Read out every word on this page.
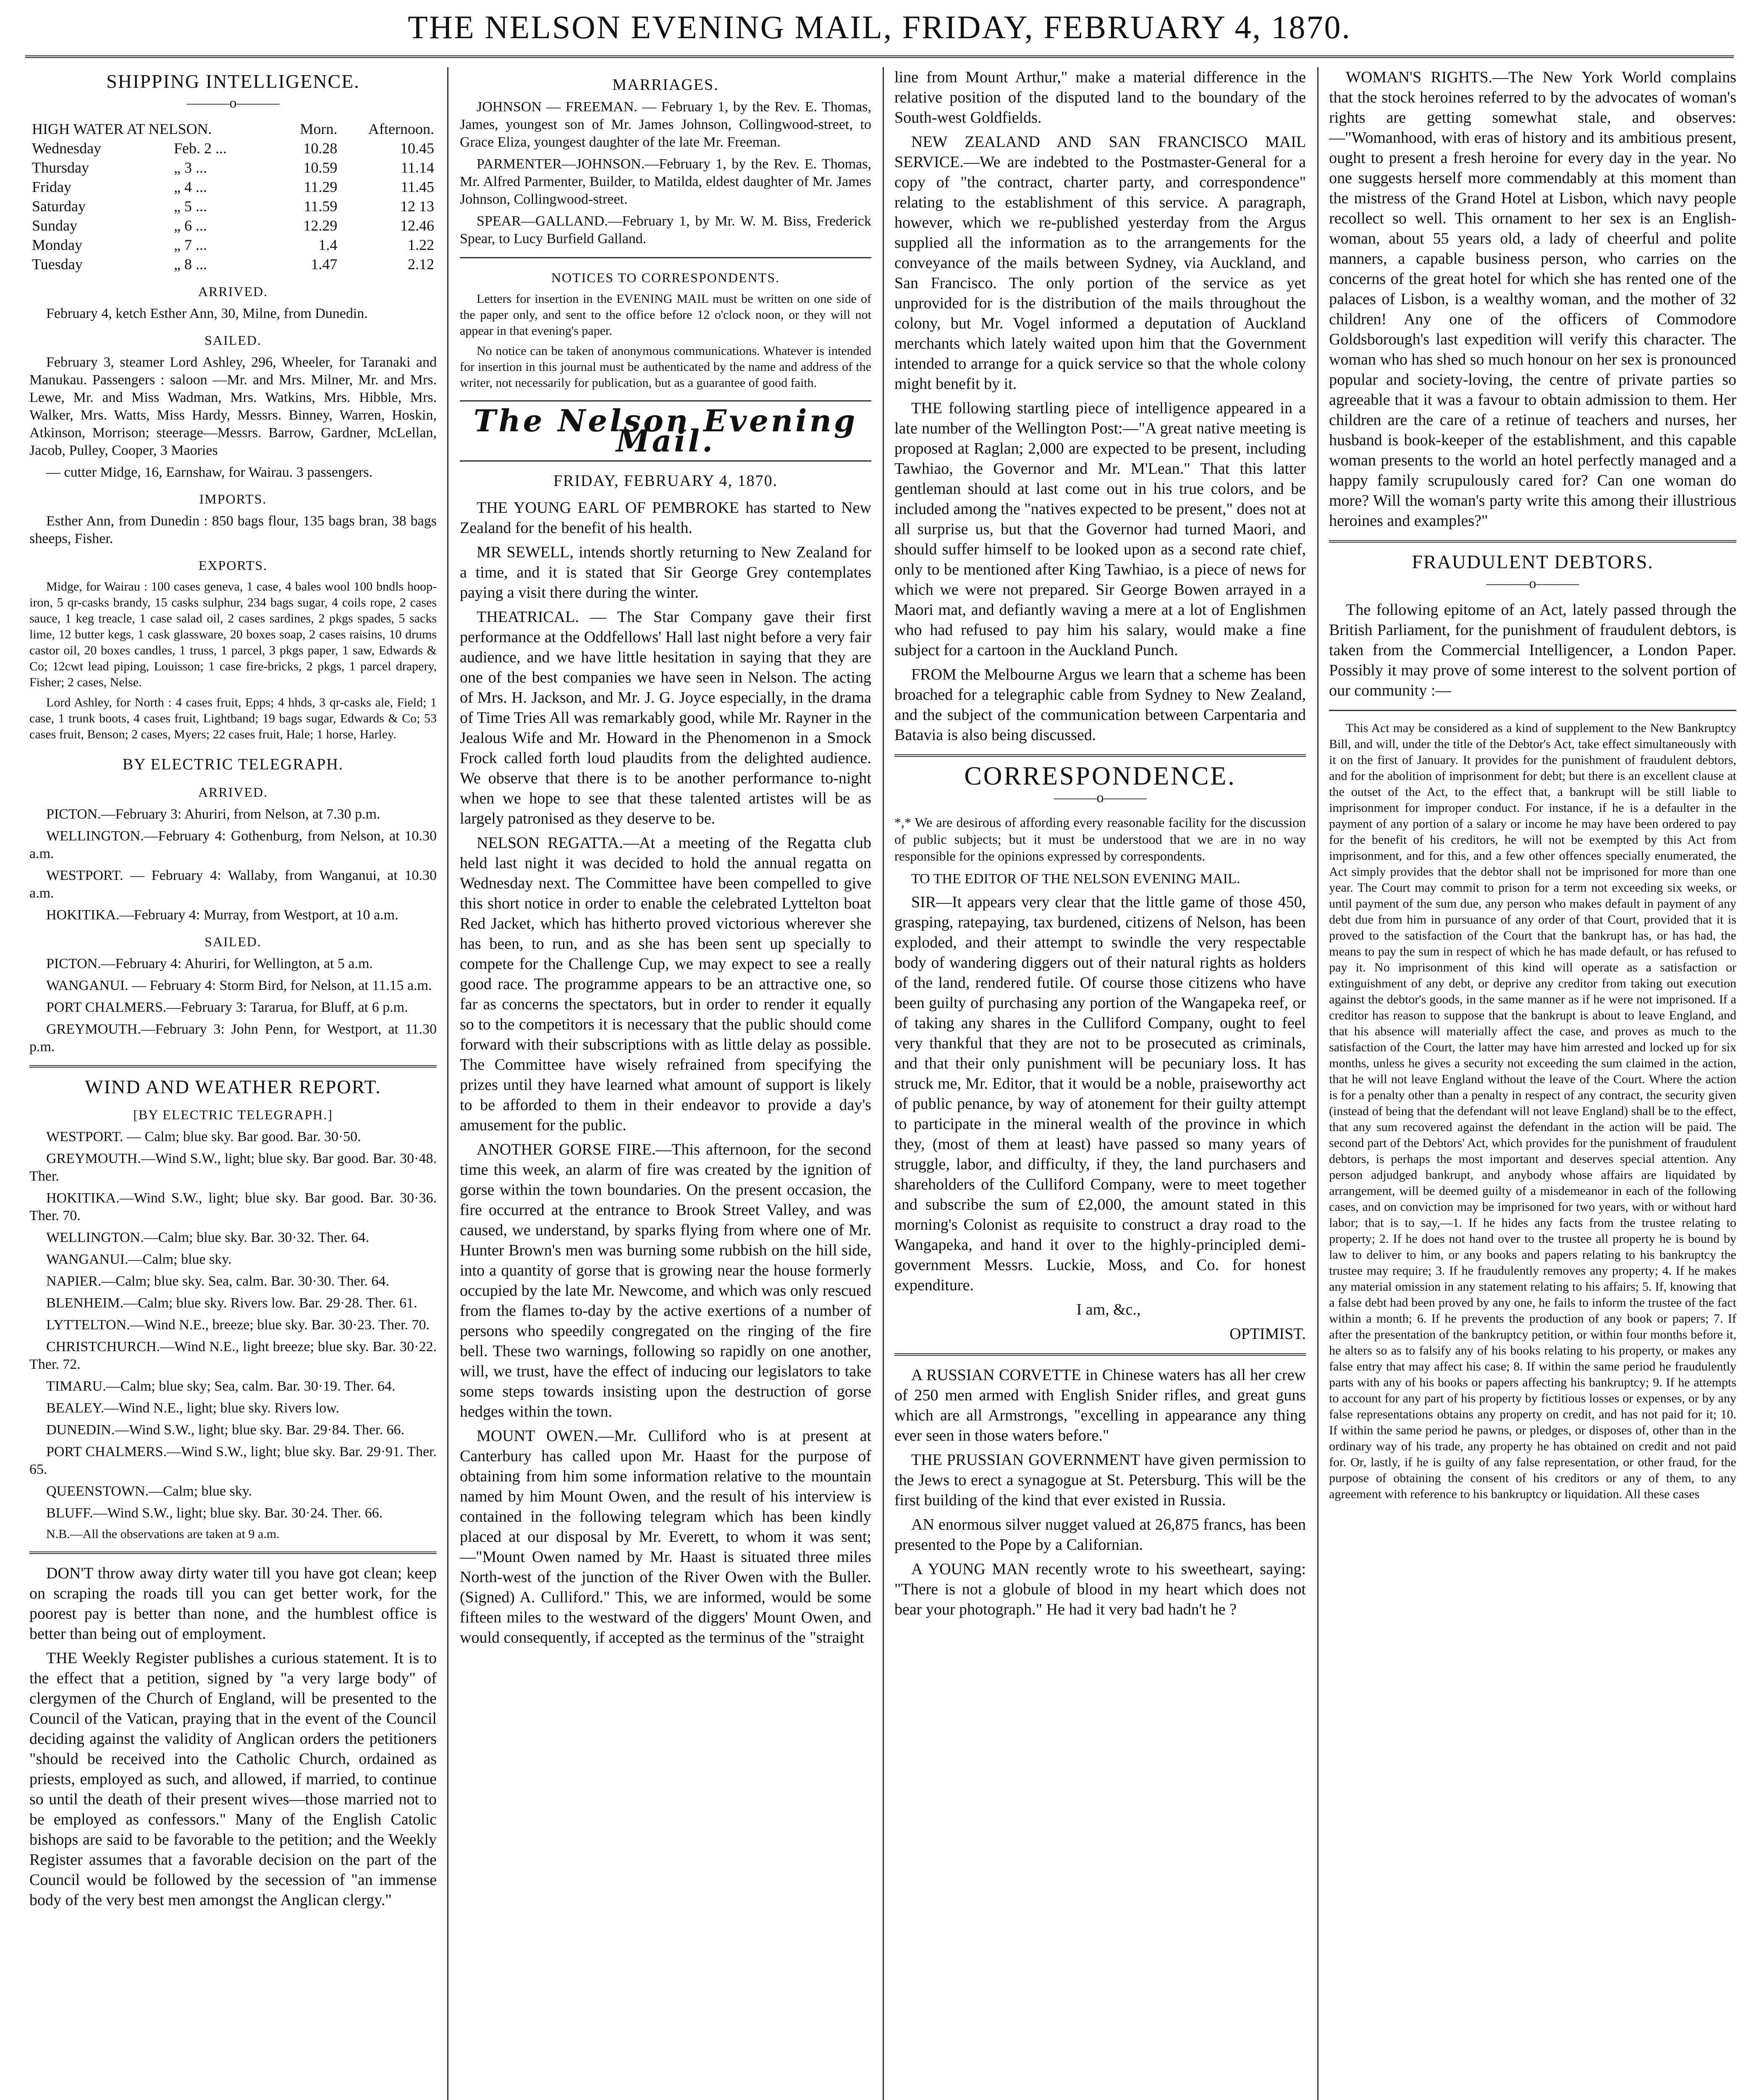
THE NELSON EVENING MAIL, FRIDAY, FEBRUARY 4, 1870.
SHIPPING INTELLIGENCE.
———o———
HIGH WATER AT NELSON.		Morn.	Afternoon.
Wednesday	Feb. 2 ...	10.28	10.45
Thursday	„ 3 ...	10.59	11.14
Friday	„ 4 ...	11.29	11.45
Saturday	„ 5 ...	11.59	12 13
Sunday	„ 6 ...	12.29	12.46
Monday	„ 7 ...	1.4	1.22
Tuesday	„ 8 ...	1.47	2.12
ARRIVED.

February 4, ketch Esther Ann, 30, Milne, from Dunedin.

SAILED.

February 3, steamer Lord Ashley, 296, Wheeler, for Taranaki and Manukau. Passengers : saloon —Mr. and Mrs. Milner, Mr. and Mrs. Lewe, Mr. and Miss Wadman, Mrs. Watkins, Mrs. Hibble, Mrs. Walker, Mrs. Watts, Miss Hardy, Messrs. Binney, Warren, Hoskin, Atkinson, Morrison; steerage—Messrs. Barrow, Gardner, McLellan, Jacob, Pulley, Cooper, 3 Maories

— cutter Midge, 16, Earnshaw, for Wairau. 3 passengers.

IMPORTS.

Esther Ann, from Dunedin : 850 bags flour, 135 bags bran, 38 bags sheeps, Fisher.

EXPORTS.

Midge, for Wairau : 100 cases geneva, 1 case, 4 bales wool 100 bndls hoop-iron, 5 qr-casks brandy, 15 casks sulphur, 234 bags sugar, 4 coils rope, 2 cases sauce, 1 keg treacle, 1 case salad oil, 2 cases sardines, 2 pkgs spades, 5 sacks lime, 12 butter kegs, 1 cask glassware, 20 boxes soap, 2 cases raisins, 10 drums castor oil, 20 boxes candles, 1 truss, 1 parcel, 3 pkgs paper, 1 saw, Edwards & Co; 12cwt lead piping, Louisson; 1 case fire-bricks, 2 pkgs, 1 parcel drapery, Fisher; 2 cases, Nelse.

Lord Ashley, for North : 4 cases fruit, Epps; 4 hhds, 3 qr-casks ale, Field; 1 case, 1 trunk boots, 4 cases fruit, Lightband; 19 bags sugar, Edwards & Co; 53 cases fruit, Benson; 2 cases, Myers; 22 cases fruit, Hale; 1 horse, Harley.

BY ELECTRIC TELEGRAPH.
ARRIVED.

PICTON.—February 3: Ahuriri, from Nelson, at 7.30 p.m.

WELLINGTON.—February 4: Gothenburg, from Nelson, at 10.30 a.m.

WESTPORT. — February 4: Wallaby, from Wanganui, at 10.30 a.m.

HOKITIKA.—February 4: Murray, from Westport, at 10 a.m.

SAILED.

PICTON.—February 4: Ahuriri, for Wellington, at 5 a.m.

WANGANUI. — February 4: Storm Bird, for Nelson, at 11.15 a.m.

PORT CHALMERS.—February 3: Tararua, for Bluff, at 6 p.m.

GREYMOUTH.—February 3: John Penn, for Westport, at 11.30 p.m.

WIND AND WEATHER REPORT.
[BY ELECTRIC TELEGRAPH.]

WESTPORT. — Calm; blue sky. Bar good. Bar. 30·50.

GREYMOUTH.—Wind S.W., light; blue sky. Bar good. Bar. 30·48. Ther.

HOKITIKA.—Wind S.W., light; blue sky. Bar good. Bar. 30·36. Ther. 70.

WELLINGTON.—Calm; blue sky. Bar. 30·32. Ther. 64.

WANGANUI.—Calm; blue sky.

NAPIER.—Calm; blue sky. Sea, calm. Bar. 30·30. Ther. 64.

BLENHEIM.—Calm; blue sky. Rivers low. Bar. 29·28. Ther. 61.

LYTTELTON.—Wind N.E., breeze; blue sky. Bar. 30·23. Ther. 70.

CHRISTCHURCH.—Wind N.E., light breeze; blue sky. Bar. 30·22. Ther. 72.

TIMARU.—Calm; blue sky; Sea, calm. Bar. 30·19. Ther. 64.

BEALEY.—Wind N.E., light; blue sky. Rivers low.

DUNEDIN.—Wind S.W., light; blue sky. Bar. 29·84. Ther. 66.

PORT CHALMERS.—Wind S.W., light; blue sky. Bar. 29·91. Ther. 65.

QUEENSTOWN.—Calm; blue sky.

BLUFF.—Wind S.W., light; blue sky. Bar. 30·24. Ther. 66.

N.B.—All the observations are taken at 9 a.m.

DON'T throw away dirty water till you have got clean; keep on scraping the roads till you can get better work, for the poorest pay is better than none, and the humblest office is better than being out of employment.

THE Weekly Register publishes a curious statement. It is to the effect that a petition, signed by "a very large body" of clergymen of the Church of England, will be presented to the Council of the Vatican, praying that in the event of the Council deciding against the validity of Anglican orders the petitioners "should be received into the Catholic Church, ordained as priests, employed as such, and allowed, if married, to continue so until the death of their present wives—those married not to be employed as confessors." Many of the English Catolic bishops are said to be favorable to the petition; and the Weekly Register assumes that a favorable decision on the part of the Council would be followed by the secession of "an immense body of the very best men amongst the Anglican clergy."

MARRIAGES.

JOHNSON — FREEMAN. — February 1, by the Rev. E. Thomas, James, youngest son of Mr. James Johnson, Collingwood-street, to Grace Eliza, youngest daughter of the late Mr. Freeman.

PARMENTER—JOHNSON.—February 1, by the Rev. E. Thomas, Mr. Alfred Parmenter, Builder, to Matilda, eldest daughter of Mr. James Johnson, Collingwood-street.

SPEAR—GALLAND.—February 1, by Mr. W. M. Biss, Frederick Spear, to Lucy Burfield Galland.

NOTICES TO CORRESPONDENTS.

Letters for insertion in the EVENING MAIL must be written on one side of the paper only, and sent to the office before 12 o'clock noon, or they will not appear in that evening's paper.

No notice can be taken of anonymous communications. Whatever is intended for insertion in this journal must be authenticated by the name and address of the writer, not necessarily for publication, but as a guarantee of good faith.

The Nelson Evening Mail.
FRIDAY, FEBRUARY 4, 1870.

THE YOUNG EARL OF PEMBROKE has started to New Zealand for the benefit of his health.

MR SEWELL, intends shortly returning to New Zealand for a time, and it is stated that Sir George Grey contemplates paying a visit there during the winter.

THEATRICAL. — The Star Company gave their first performance at the Oddfellows' Hall last night before a very fair audience, and we have little hesitation in saying that they are one of the best companies we have seen in Nelson. The acting of Mrs. H. Jackson, and Mr. J. G. Joyce especially, in the drama of Time Tries All was remarkably good, while Mr. Rayner in the Jealous Wife and Mr. Howard in the Phenomenon in a Smock Frock called forth loud plaudits from the delighted audience. We observe that there is to be another performance to-night when we hope to see that these talented artistes will be as largely patronised as they deserve to be.

NELSON REGATTA.—At a meeting of the Regatta club held last night it was decided to hold the annual regatta on Wednesday next. The Committee have been compelled to give this short notice in order to enable the celebrated Lyttelton boat Red Jacket, which has hitherto proved victorious wherever she has been, to run, and as she has been sent up specially to compete for the Challenge Cup, we may expect to see a really good race. The programme appears to be an attractive one, so far as concerns the spectators, but in order to render it equally so to the competitors it is necessary that the public should come forward with their subscriptions with as little delay as possible. The Committee have wisely refrained from specifying the prizes until they have learned what amount of support is likely to be afforded to them in their endeavor to provide a day's amusement for the public.

ANOTHER GORSE FIRE.—This afternoon, for the second time this week, an alarm of fire was created by the ignition of gorse within the town boundaries. On the present occasion, the fire occurred at the entrance to Brook Street Valley, and was caused, we understand, by sparks flying from where one of Mr. Hunter Brown's men was burning some rubbish on the hill side, into a quantity of gorse that is growing near the house formerly occupied by the late Mr. Newcome, and which was only rescued from the flames to-day by the active exertions of a number of persons who speedily congregated on the ringing of the fire bell. These two warnings, following so rapidly on one another, will, we trust, have the effect of inducing our legislators to take some steps towards insisting upon the destruction of gorse hedges within the town.

MOUNT OWEN.—Mr. Culliford who is at present at Canterbury has called upon Mr. Haast for the purpose of obtaining from him some information relative to the mountain named by him Mount Owen, and the result of his interview is contained in the following telegram which has been kindly placed at our disposal by Mr. Everett, to whom it was sent;—"Mount Owen named by Mr. Haast is situated three miles North-west of the junction of the River Owen with the Buller. (Signed) A. Culliford." This, we are informed, would be some fifteen miles to the westward of the diggers' Mount Owen, and would consequently, if accepted as the terminus of the "straight

line from Mount Arthur," make a material difference in the relative position of the disputed land to the boundary of the South-west Goldfields.

NEW ZEALAND AND SAN FRANCISCO MAIL SERVICE.—We are indebted to the Postmaster-General for a copy of "the contract, charter party, and correspondence" relating to the establishment of this service. A paragraph, however, which we re-published yesterday from the Argus supplied all the information as to the arrangements for the conveyance of the mails between Sydney, via Auckland, and San Francisco. The only portion of the service as yet unprovided for is the distribution of the mails throughout the colony, but Mr. Vogel informed a deputation of Auckland merchants which lately waited upon him that the Government intended to arrange for a quick service so that the whole colony might benefit by it.

THE following startling piece of intelligence appeared in a late number of the Wellington Post:—"A great native meeting is proposed at Raglan; 2,000 are expected to be present, including Tawhiao, the Governor and Mr. M'Lean." That this latter gentleman should at last come out in his true colors, and be included among the "natives expected to be present," does not at all surprise us, but that the Governor had turned Maori, and should suffer himself to be looked upon as a second rate chief, only to be mentioned after King Tawhiao, is a piece of news for which we were not prepared. Sir George Bowen arrayed in a Maori mat, and defiantly waving a mere at a lot of Englishmen who had refused to pay him his salary, would make a fine subject for a cartoon in the Auckland Punch.

FROM the Melbourne Argus we learn that a scheme has been broached for a telegraphic cable from Sydney to New Zealand, and the subject of the communication between Carpentaria and Batavia is also being discussed.

CORRESPONDENCE.
———o———

*,* We are desirous of affording every reasonable facility for the discussion of public subjects; but it must be understood that we are in no way responsible for the opinions expressed by correspondents.

TO THE EDITOR OF THE NELSON EVENING MAIL.

SIR—It appears very clear that the little game of those 450, grasping, ratepaying, tax burdened, citizens of Nelson, has been exploded, and their attempt to swindle the very respectable body of wandering diggers out of their natural rights as holders of the land, rendered futile. Of course those citizens who have been guilty of purchasing any portion of the Wangapeka reef, or of taking any shares in the Culliford Company, ought to feel very thankful that they are not to be prosecuted as criminals, and that their only punishment will be pecuniary loss. It has struck me, Mr. Editor, that it would be a noble, praiseworthy act of public penance, by way of atonement for their guilty attempt to participate in the mineral wealth of the province in which they, (most of them at least) have passed so many years of struggle, labor, and difficulty, if they, the land purchasers and shareholders of the Culliford Company, were to meet together and subscribe the sum of £2,000, the amount stated in this morning's Colonist as requisite to construct a dray road to the Wangapeka, and hand it over to the highly-principled demi-government Messrs. Luckie, Moss, and Co. for honest expenditure.

I am, &c.,

OPTIMIST.

A RUSSIAN CORVETTE in Chinese waters has all her crew of 250 men armed with English Snider rifles, and great guns which are all Armstrongs, "excelling in appearance any thing ever seen in those waters before."

THE PRUSSIAN GOVERNMENT have given permission to the Jews to erect a synagogue at St. Petersburg. This will be the first building of the kind that ever existed in Russia.

AN enormous silver nugget valued at 26,875 francs, has been presented to the Pope by a Californian.

A YOUNG MAN recently wrote to his sweetheart, saying: "There is not a globule of blood in my heart which does not bear your photograph." He had it very bad hadn't he ?

WOMAN'S RIGHTS.—The New York World complains that the stock heroines referred to by the advocates of woman's rights are getting somewhat stale, and observes:—"Womanhood, with eras of history and its ambitious present, ought to present a fresh heroine for every day in the year. No one suggests herself more commendably at this moment than the mistress of the Grand Hotel at Lisbon, which navy people recollect so well. This ornament to her sex is an English-woman, about 55 years old, a lady of cheerful and polite manners, a capable business person, who carries on the concerns of the great hotel for which she has rented one of the palaces of Lisbon, is a wealthy woman, and the mother of 32 children! Any one of the officers of Commodore Goldsborough's last expedition will verify this character. The woman who has shed so much honour on her sex is pronounced popular and society-loving, the centre of private parties so agreeable that it was a favour to obtain admission to them. Her children are the care of a retinue of teachers and nurses, her husband is book-keeper of the establishment, and this capable woman presents to the world an hotel perfectly managed and a happy family scrupulously cared for? Can one woman do more? Will the woman's party write this among their illustrious heroines and examples?"

FRAUDULENT DEBTORS.
———o———

The following epitome of an Act, lately passed through the British Parliament, for the punishment of fraudulent debtors, is taken from the Commercial Intelligencer, a London Paper. Possibly it may prove of some interest to the solvent portion of our community :—

This Act may be considered as a kind of supplement to the New Bankruptcy Bill, and will, under the title of the Debtor's Act, take effect simultaneously with it on the first of January. It provides for the punishment of fraudulent debtors, and for the abolition of imprisonment for debt; but there is an excellent clause at the outset of the Act, to the effect that, a bankrupt will be still liable to imprisonment for improper conduct. For instance, if he is a defaulter in the payment of any portion of a salary or income he may have been ordered to pay for the benefit of his creditors, he will not be exempted by this Act from imprisonment, and for this, and a few other offences specially enumerated, the Act simply provides that the debtor shall not be imprisoned for more than one year. The Court may commit to prison for a term not exceeding six weeks, or until payment of the sum due, any person who makes default in payment of any debt due from him in pursuance of any order of that Court, provided that it is proved to the satisfaction of the Court that the bankrupt has, or has had, the means to pay the sum in respect of which he has made default, or has refused to pay it. No imprisonment of this kind will operate as a satisfaction or extinguishment of any debt, or deprive any creditor from taking out execution against the debtor's goods, in the same manner as if he were not imprisoned. If a creditor has reason to suppose that the bankrupt is about to leave England, and that his absence will materially affect the case, and proves as much to the satisfaction of the Court, the latter may have him arrested and locked up for six months, unless he gives a security not exceeding the sum claimed in the action, that he will not leave England without the leave of the Court. Where the action is for a penalty other than a penalty in respect of any contract, the security given (instead of being that the defendant will not leave England) shall be to the effect, that any sum recovered against the defendant in the action will be paid. The second part of the Debtors' Act, which provides for the punishment of fraudulent debtors, is perhaps the most important and deserves special attention. Any person adjudged bankrupt, and anybody whose affairs are liquidated by arrangement, will be deemed guilty of a misdemeanor in each of the following cases, and on conviction may be imprisoned for two years, with or without hard labor; that is to say,—1. If he hides any facts from the trustee relating to property; 2. If he does not hand over to the trustee all property he is bound by law to deliver to him, or any books and papers relating to his bankruptcy the trustee may require; 3. If he fraudulently removes any property; 4. If he makes any material omission in any statement relating to his affairs; 5. If, knowing that a false debt had been proved by any one, he fails to inform the trustee of the fact within a month; 6. If he prevents the production of any book or papers; 7. If after the presentation of the bankruptcy petition, or within four months before it, he alters so as to falsify any of his books relating to his property, or makes any false entry that may affect his case; 8. If within the same period he fraudulently parts with any of his books or papers affecting his bankruptcy; 9. If he attempts to account for any part of his property by fictitious losses or expenses, or by any false representations obtains any property on credit, and has not paid for it; 10. If within the same period he pawns, or pledges, or disposes of, other than in the ordinary way of his trade, any property he has obtained on credit and not paid for. Or, lastly, if he is guilty of any false representation, or other fraud, for the purpose of obtaining the consent of his creditors or any of them, to any agreement with reference to his bankruptcy or liquidation. All these cases
